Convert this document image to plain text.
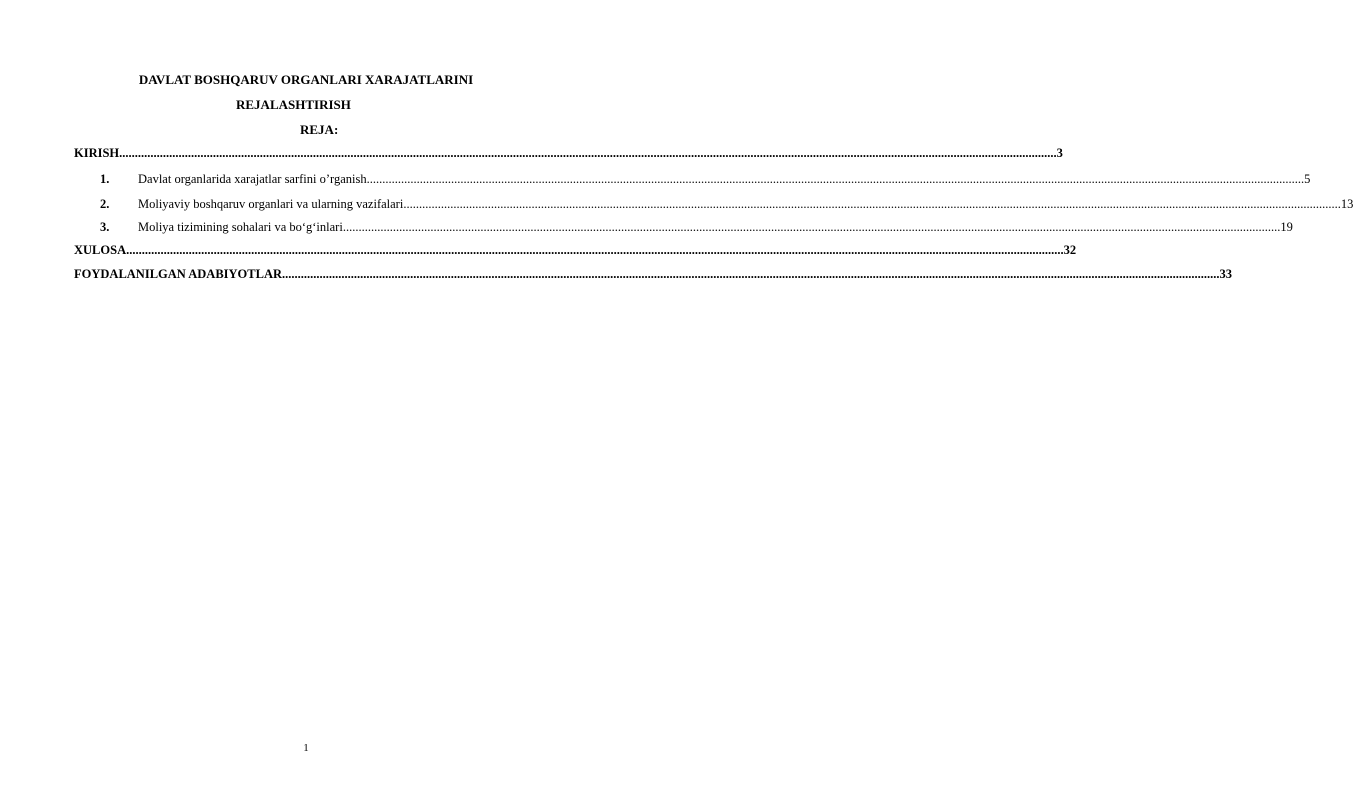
DAVLAT BOSHQARUV ORGANLARI XARAJATLARINI
REJALASHTIRISH
REJA:
KIRISH ............................................................................................................................................................................................................................................................................................................ 3
1. Davlat organlarida xarajatlar sarfini o’rganish ............................................................................................................................................................................................................................................................................................................ 5
2. Moliyaviy boshqaruv organlari va ularning vazifalari ............................................................................................................................................................................................................................................................................................................ 13
3. Moliya tizimining sohalari va bo‘g‘inlari ............................................................................................................................................................................................................................................................................................................ 19
XULOSA ............................................................................................................................................................................................................................................................................................................ 32
FOYDALANILGAN ADABIYOTLAR ............................................................................................................................................................................................................................................................................................................ 33
1
